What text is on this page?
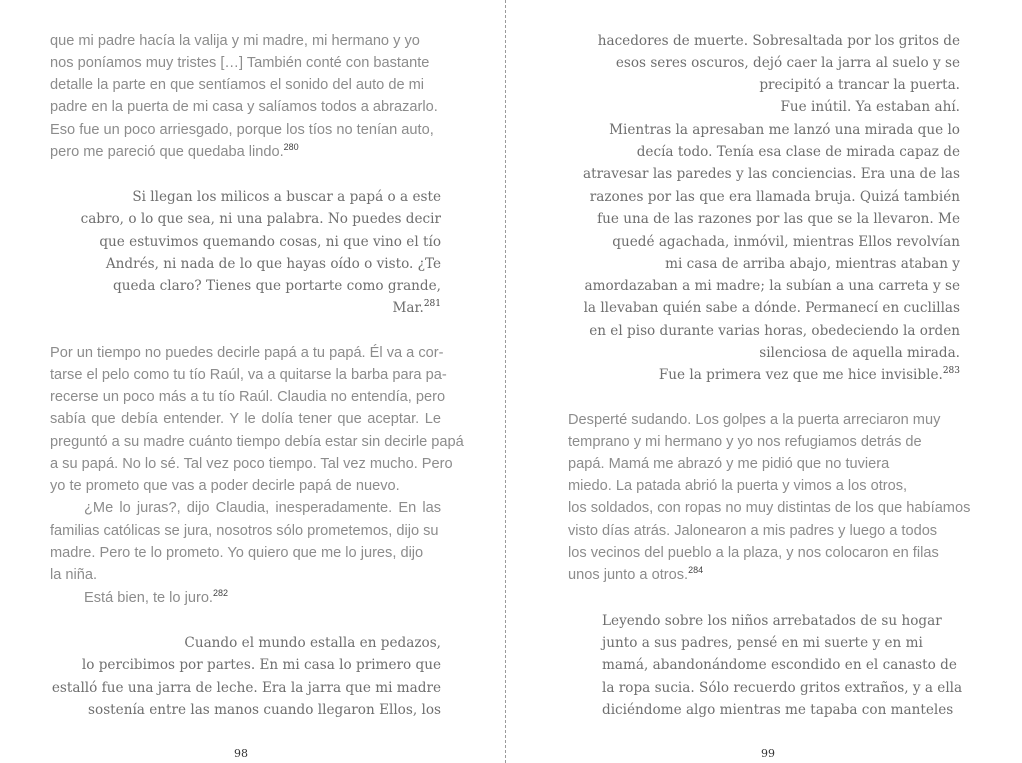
que mi padre hacía la valija y mi madre, mi hermano y yo
nos poníamos muy tristes […] También conté con bastante
detalle la parte en que sentíamos el sonido del auto de mi
padre en la puerta de mi casa y salíamos todos a abrazarlo.
Eso fue un poco arriesgado, porque los tíos no tenían auto,
pero me pareció que quedaba lindo.$^{280}$
Si llegan los milicos a buscar a papá o a este
cabro, o lo que sea, ni una palabra. No puedes decir
que estuvimos quemando cosas, ni que vino el tío
Andrés, ni nada de lo que hayas oído o visto. ¿Te
queda claro? Tienes que portarte como grande,
Mar.$^{281}$
Por un tiempo no puedes decirle papá a tu papá. Él va a cor-
tarse el pelo como tu tío Raúl, va a quitarse la barba para pa-
recerse un poco más a tu tío Raúl. Claudia no entendía, pero
sabía que debía entender. Y le dolía tener que aceptar. Le
preguntó a su madre cuánto tiempo debía estar sin decirle papá
a su papá. No lo sé. Tal vez poco tiempo. Tal vez mucho. Pero
yo te prometo que vas a poder decirle papá de nuevo.
¿Me lo juras?, dijo Claudia, inesperadamente. En las
familias católicas se jura, nosotros sólo prometemos, dijo su
madre. Pero te lo prometo. Yo quiero que me lo jures, dijo
la niña.
Está bien, te lo juro.$^{282}$
Cuando el mundo estalla en pedazos,
lo percibimos por partes. En mi casa lo primero que
estalló fue una jarra de leche. Era la jarra que mi madre
sostenía entre las manos cuando llegaron Ellos, los
98
hacedores de muerte. Sobresaltada por los gritos de
esos seres oscuros, dejó caer la jarra al suelo y se
precipitó a trancar la puerta.
Fue inútil. Ya estaban ahí.
Mientras la apresaban me lanzó una mirada que lo
decía todo. Tenía esa clase de mirada capaz de
atravesar las paredes y las conciencias. Era una de las
razones por las que era llamada bruja. Quizá también
fue una de las razones por las que se la llevaron. Me
quedé agachada, inmóvil, mientras Ellos revolvían
mi casa de arriba abajo, mientras ataban y
amordazaban a mi madre; la subían a una carreta y se
la llevaban quién sabe a dónde. Permanecí en cuclillas
en el piso durante varias horas, obedeciendo la orden
silenciosa de aquella mirada.
Fue la primera vez que me hice invisible.$^{283}$
Desperté sudando. Los golpes a la puerta arreciaron muy
temprano y mi hermano y yo nos refugiamos detrás de
papá. Mamá me abrazó y me pidió que no tuviera
miedo. La patada abrió la puerta y vimos a los otros,
los soldados, con ropas no muy distintas de los que habíamos
visto días atrás. Jalonearon a mis padres y luego a todos
los vecinos del pueblo a la plaza, y nos colocaron en filas
unos junto a otros.$^{284}$
Leyendo sobre los niños arrebatados de su hogar
junto a sus padres, pensé en mi suerte y en mi
mamá, abandonándome escondido en el canasto de
la ropa sucia. Sólo recuerdo gritos extraños, y a ella
diciéndome algo mientras me tapaba con manteles
99
